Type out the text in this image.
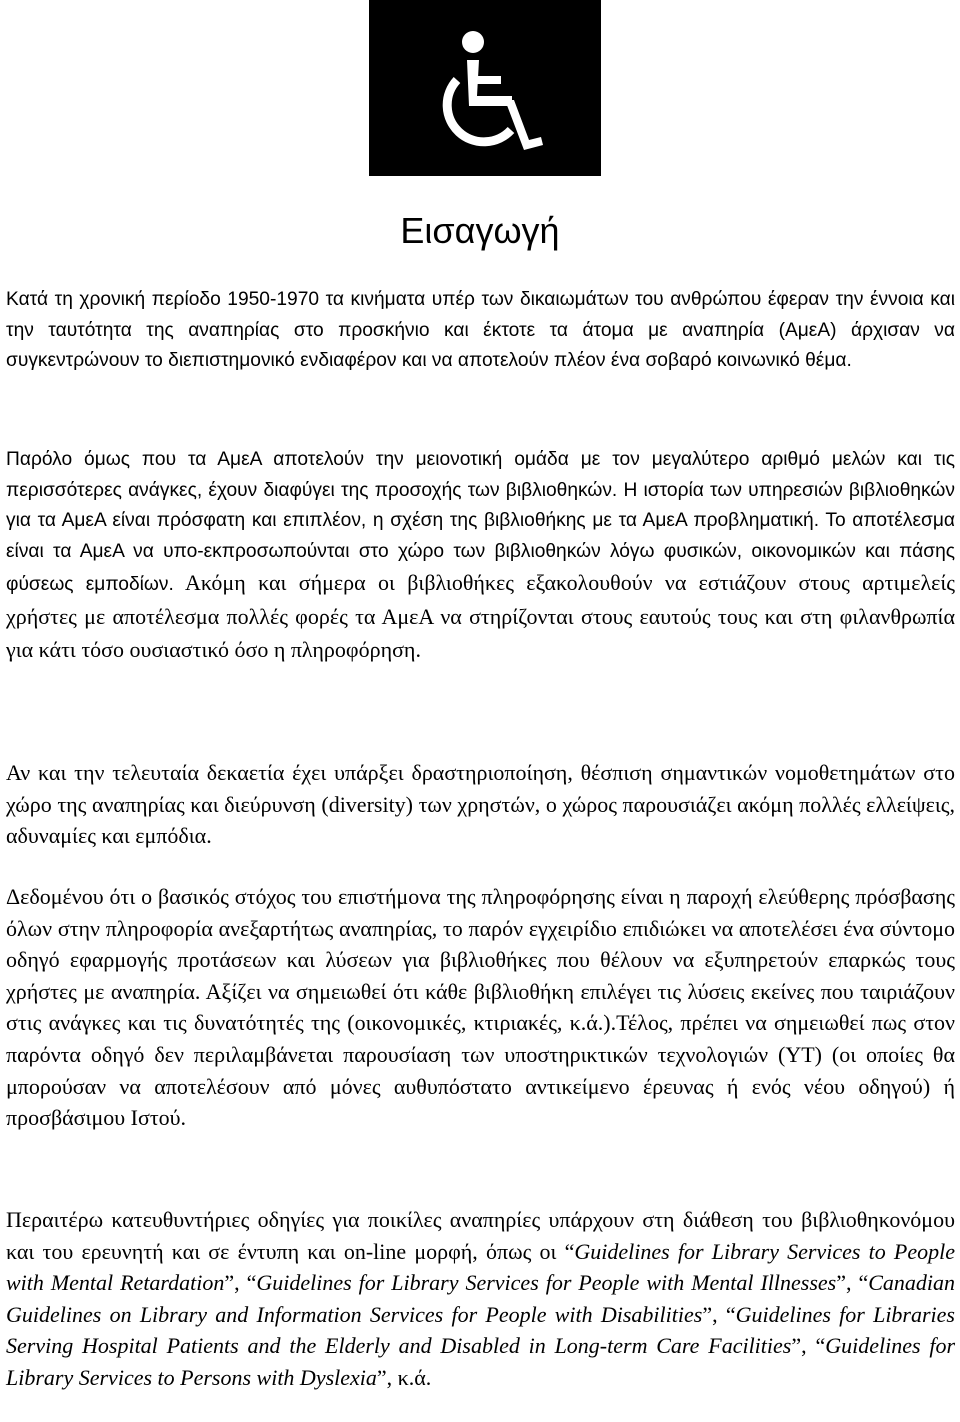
Εισαγωγή

Κατά τη χρονική περίοδο 1950-1970 τα κινήματα υπέρ των δικαιωμάτων του ανθρώπου έφεραν την έννοια και την ταυτότητα της αναπηρίας στο προσκήνιο και έκτοτε τα άτομα με αναπηρία (ΑμεΑ) άρχισαν να συγκεντρώνουν το διεπιστημονικό ενδιαφέρον και να αποτελούν πλέον ένα σοβαρό κοινωνικό θέμα.

Παρόλο όμως που τα ΑμεΑ αποτελούν την μειονοτική ομάδα με τον μεγαλύτερο αριθμό μελών και τις περισσότερες ανάγκες, έχουν διαφύγει της προσοχής των βιβλιοθηκών. Η ιστορία των υπηρεσιών βιβλιοθηκών για τα ΑμεΑ είναι πρόσφατη και επιπλέον, η σχέση της βιβλιοθήκης με τα ΑμεΑ προβληματική. Το αποτέλεσμα είναι τα ΑμεΑ να υπο-εκπροσωπούνται στο χώρο των βιβλιοθηκών λόγω φυσικών, οικονομικών και πάσης φύσεως εμποδίων. Ακόμη και σήμερα οι βιβλιοθήκες εξακολουθούν να εστιάζουν στους αρτιμελείς χρήστες με αποτέλεσμα πολλές φορές τα ΑμεΑ να στηρίζονται στους εαυτούς τους και στη φιλανθρωπία για κάτι τόσο ουσιαστικό όσο η πληροφόρηση.

Αν και την τελευταία δεκαετία έχει υπάρξει δραστηριοποίηση, θέσπιση σημαντικών νομοθετημάτων στο χώρο της αναπηρίας και διεύρυνση (diversity) των χρηστών, ο χώρος παρουσιάζει ακόμη πολλές ελλείψεις, αδυναμίες και εμπόδια.

Δεδομένου ότι ο βασικός στόχος του επιστήμονα της πληροφόρησης είναι η παροχή ελεύθερης πρόσβασης όλων στην πληροφορία ανεξαρτήτως αναπηρίας, το παρόν εγχειρίδιο επιδιώκει να αποτελέσει ένα σύντομο οδηγό εφαρμογής προτάσεων και λύσεων για βιβλιοθήκες που θέλουν να εξυπηρετούν επαρκώς τους χρήστες με αναπηρία. Αξίζει να σημειωθεί ότι κάθε βιβλιοθήκη επιλέγει τις λύσεις εκείνες που ταιριάζουν στις ανάγκες και τις δυνατότητές της (οικονομικές, κτιριακές, κ.ά.).Τέλος, πρέπει να σημειωθεί πως στον παρόντα οδηγό δεν περιλαμβάνεται παρουσίαση των υποστηρικτικών τεχνολογιών (ΥΤ) (οι οποίες θα μπορούσαν να αποτελέσουν από μόνες αυθυπόστατο αντικείμενο έρευνας ή ενός νέου οδηγού) ή προσβάσιμου Ιστού.

Περαιτέρω κατευθυντήριες οδηγίες για ποικίλες αναπηρίες υπάρχουν στη διάθεση του βιβλιοθηκονόμου και του ερευνητή και σε έντυπη και on-line μορφή, όπως οι “Guidelines for Library Services to People with Mental Retardation”, “Guidelines for Library Services for People with Mental Illnesses”, “Canadian Guidelines on Library and Information Services for People with Disabilities”, “Guidelines for Libraries Serving Hospital Patients and the Elderly and Disabled in Long-term Care Facilities”, “Guidelines for Library Services to Persons with Dyslexia”, κ.ά.
